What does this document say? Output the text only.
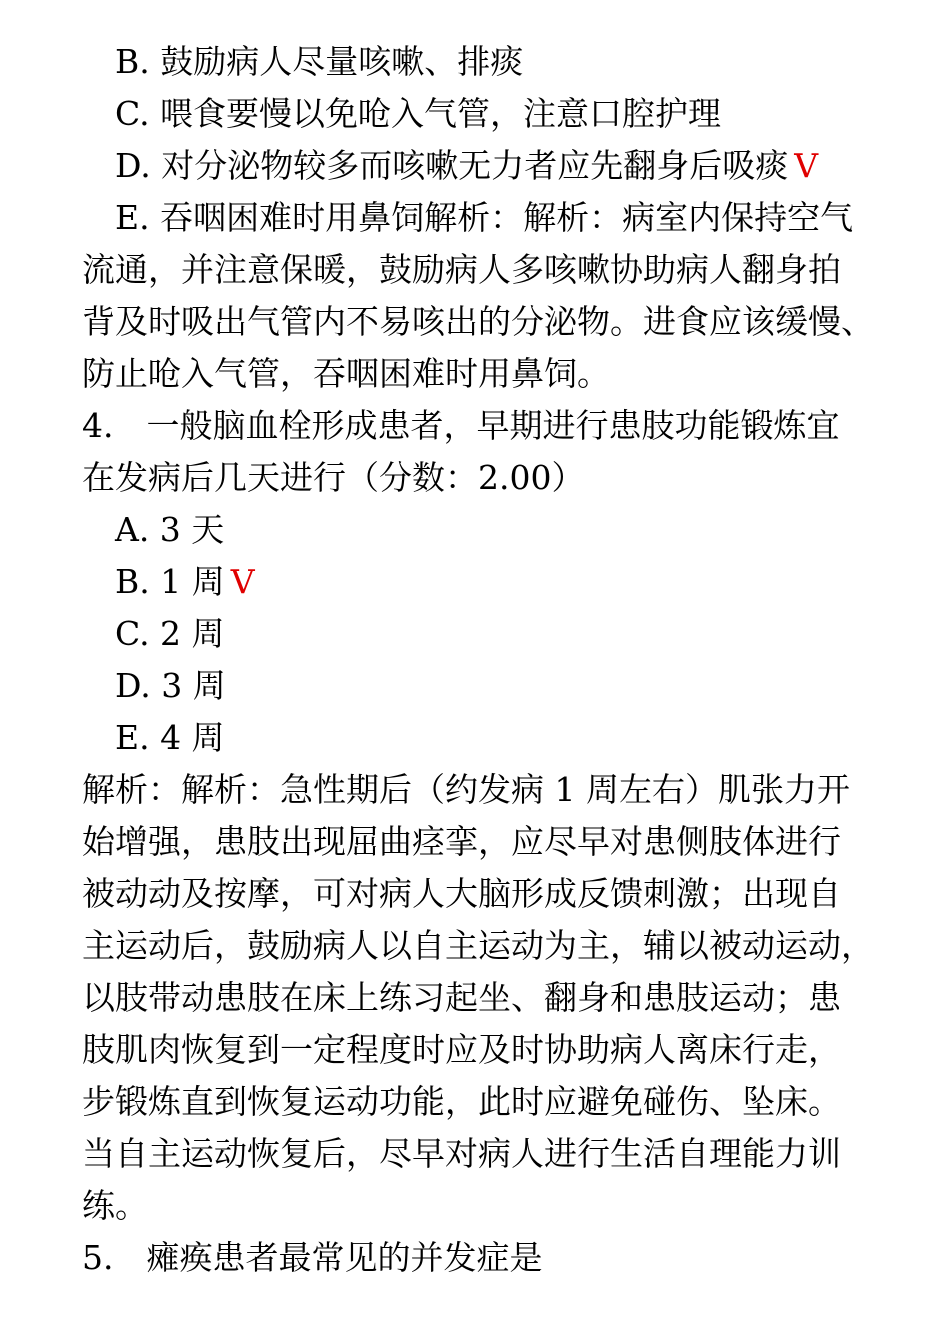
B. 鼓励病人尽量咳嗽、排痰
C. 喂食要慢以免呛入气管，注意口腔护理
D. 对分泌物较多而咳嗽无力者应先翻身后吸痰 V
E. 吞咽困难时用鼻饲解析：解析：病室内保持空气
流通，并注意保暖，鼓励病人多咳嗽协助病人翻身拍
背及时吸出气管内不易咳出的分泌物。进食应该缓慢、
防止呛入气管，吞咽困难时用鼻饲。
4.　一般脑血栓形成患者，早期进行患肢功能锻炼宜
在发病后几天进行（分数：2.00）
A. 3 天
B. 1 周 V
C. 2 周
D. 3 周
E. 4 周
解析：解析：急性期后（约发病 1 周左右）肌张力开
始增强，患肢出现屈曲痉挛，应尽早对患侧肢体进行
被动动及按摩，可对病人大脑形成反馈刺激；出现自
主运动后，鼓励病人以自主运动为主，辅以被动运动，
以肢带动患肢在床上练习起坐、翻身和患肢运动；患
肢肌肉恢复到一定程度时应及时协助病人离床行走，
步锻炼直到恢复运动功能，此时应避免碰伤、坠床。
当自主运动恢复后，尽早对病人进行生活自理能力训
练。
5.　瘫痪患者最常见的并发症是
